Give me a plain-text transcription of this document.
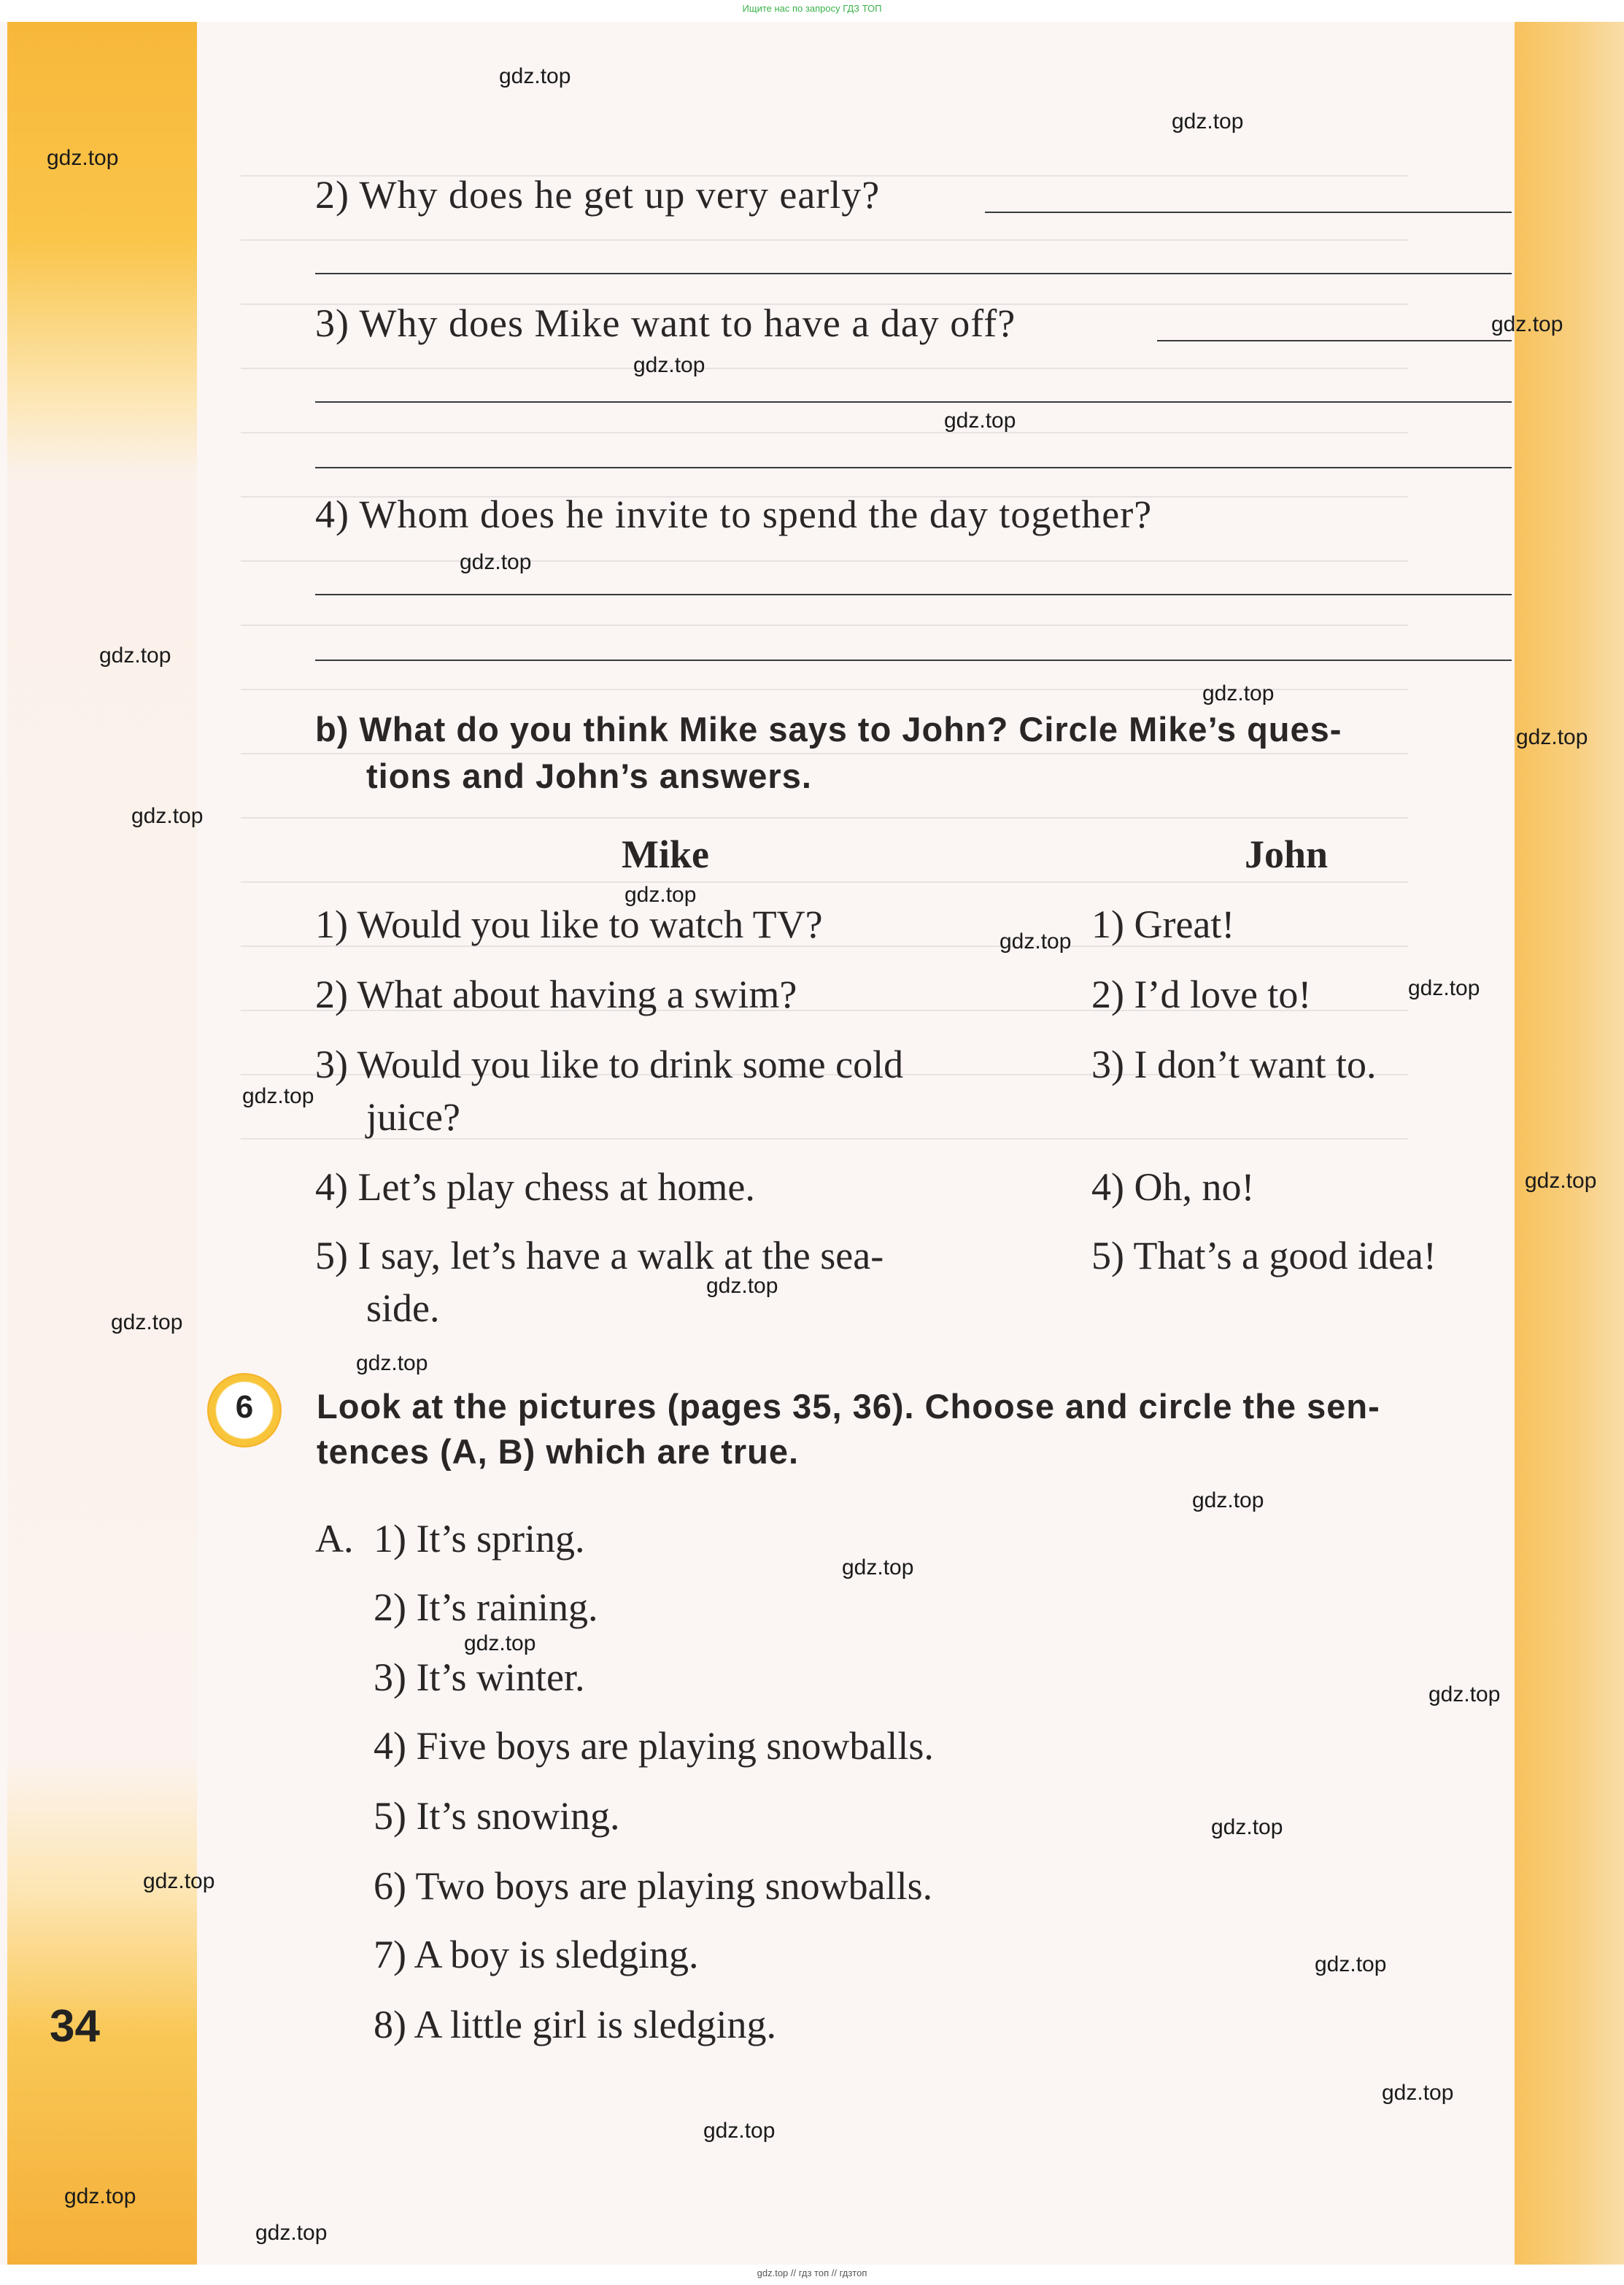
Ищите нас по запросу ГДЗ ТОП
2) Why does he get up very early?
3) Why does Mike want to have a day off?
4) Whom does he invite to spend the day together?
b) What do you think Mike says to John? Circle Mike’s ques-
tions and John’s answers.
Mike	John
1) Would you like to watch TV?
2) What about having a swim?
3) Would you like to drink some cold
juice?
4) Let’s play chess at home.
5) I say, let’s have a walk at the sea-
side.
1) Great!
2) I’d love to!
3) I don’t want to.
4) Oh, no!
5) That’s a good idea!
6	Look at the pictures (pages 35, 36). Choose and circle the sen-
tences (A, B) which are true.
A. 1) It’s spring.
2) It’s raining.
3) It’s winter.
4) Five boys are playing snowballs.
5) It’s snowing.
6) Two boys are playing snowballs.
7) A boy is sledging.
8) A little girl is sledging.
34
gdz.top
gdz.top
gdz.top
gdz.top
gdz.top
gdz.top
gdz.top
gdz.top
gdz.top
gdz.top
gdz.top
gdz.top
gdz.top
gdz.top
gdz.top
gdz.top
gdz.top
gdz.top
gdz.top
gdz.top
gdz.top
gdz.top
gdz.top
gdz.top
gdz.top
gdz.top
gdz.top
gdz.top
gdz.top
gdz.top
gdz.top // гдз топ // гдзтоп
